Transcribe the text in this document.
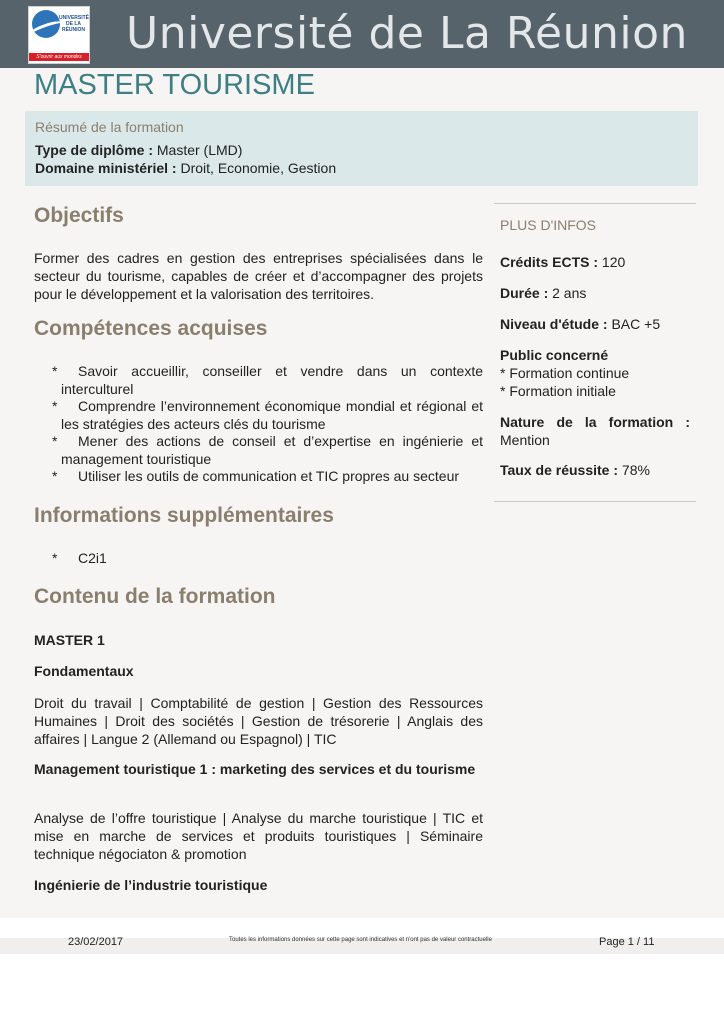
UNIVERSITÉ DE LA RÉUNION
S'ouvrir aux mondes Université de La Réunion
MASTER TOURISME
Résumé de la formation
Type de diplôme : Master (LMD)
Domaine ministériel : Droit, Economie, Gestion
Objectifs
Former des cadres en gestion des entreprises spécialisées dans le secteur du tourisme, capables de créer et d’accompagner des projets pour le développement et la valorisation des territoires.
Compétences acquises
*	Savoir accueillir, conseiller et vendre dans un contexte interculturel
*	Comprendre l’environnement économique mondial et régional et les stratégies des acteurs clés du tourisme
*	Mener des actions de conseil et d’expertise en ingénierie et management touristique
*	Utiliser les outils de communication et TIC propres au secteur
Informations supplémentaires
*	C2i1
Contenu de la formation
MASTER 1
Fondamentaux
Droit du travail | Comptabilité de gestion | Gestion des Ressources Humaines | Droit des sociétés | Gestion de trésorerie | Anglais des affaires | Langue 2 (Allemand ou Espagnol) | TIC
Management touristique 1 : marketing des services et du tourisme
Analyse de l’offre touristique | Analyse du marche touristique | TIC et mise en marche de services et produits touristiques | Séminaire technique négociaton & promotion
Ingénierie de l’industrie touristique
PLUS D'INFOS
Crédits ECTS : 120
Durée : 2 ans
Niveau d'étude : BAC +5
Public concerné
* Formation continue
* Formation initiale
Nature de la formation :
Mention
Taux de réussite : 78%
23/02/2017	Toutes les informations données sur cette page sont indicatives et n'ont pas de valeur contractuelle	Page 1 / 11
